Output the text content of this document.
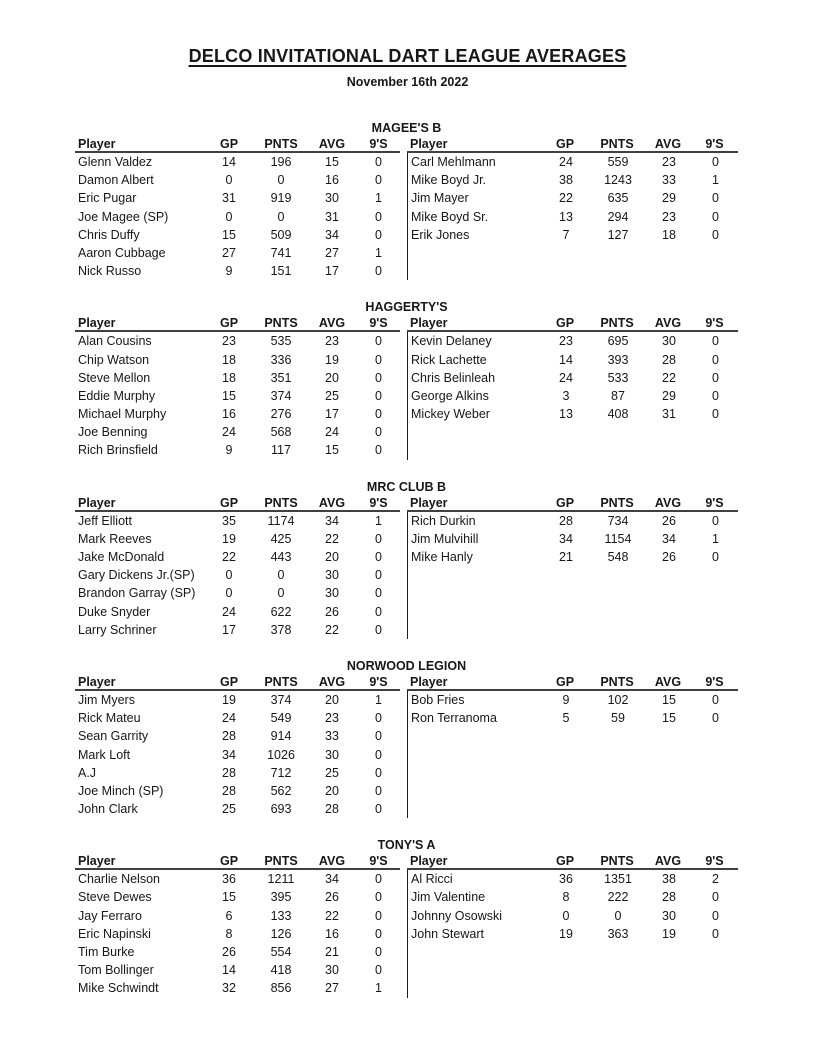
DELCO INVITATIONAL DART LEAGUE AVERAGES
November 16th 2022
MAGEE'S B
Player	GP	PNTS	AVG	9'S
Glenn Valdez	14	196	15	0
Damon Albert	0	0	16	0
Eric Pugar	31	919	30	1
Joe Magee (SP)	0	0	31	0
Chris Duffy	15	509	34	0
Aaron Cubbage	27	741	27	1
Nick Russo	9	151	17	0
Player	GP	PNTS	AVG	9'S
Carl Mehlmann	24	559	23	0
Mike Boyd Jr.	38	1243	33	1
Jim Mayer	22	635	29	0
Mike Boyd Sr.	13	294	23	0
Erik Jones	7	127	18	0
HAGGERTY'S
Player	GP	PNTS	AVG	9'S
Alan Cousins	23	535	23	0
Chip Watson	18	336	19	0
Steve Mellon	18	351	20	0
Eddie Murphy	15	374	25	0
Michael Murphy	16	276	17	0
Joe Benning	24	568	24	0
Rich Brinsfield	9	117	15	0
Player	GP	PNTS	AVG	9'S
Kevin Delaney	23	695	30	0
Rick Lachette	14	393	28	0
Chris Belinleah	24	533	22	0
George Alkins	3	87	29	0
Mickey Weber	13	408	31	0
MRC CLUB B
Player	GP	PNTS	AVG	9'S
Jeff Elliott	35	1174	34	1
Mark Reeves	19	425	22	0
Jake McDonald	22	443	20	0
Gary Dickens Jr.(SP)	0	0	30	0
Brandon Garray (SP)	0	0	30	0
Duke Snyder	24	622	26	0
Larry Schriner	17	378	22	0
Player	GP	PNTS	AVG	9'S
Rich Durkin	28	734	26	0
Jim Mulvihill	34	1154	34	1
Mike Hanly	21	548	26	0
NORWOOD LEGION
Player	GP	PNTS	AVG	9'S
Jim Myers	19	374	20	1
Rick Mateu	24	549	23	0
Sean Garrity	28	914	33	0
Mark Loft	34	1026	30	0
A.J	28	712	25	0
Joe Minch (SP)	28	562	20	0
John Clark	25	693	28	0
Player	GP	PNTS	AVG	9'S
Bob Fries	9	102	15	0
Ron Terranoma	5	59	15	0
TONY'S A
Player	GP	PNTS	AVG	9'S
Charlie Nelson	36	1211	34	0
Steve Dewes	15	395	26	0
Jay Ferraro	6	133	22	0
Eric Napinski	8	126	16	0
Tim Burke	26	554	21	0
Tom Bollinger	14	418	30	0
Mike Schwindt	32	856	27	1
Player	GP	PNTS	AVG	9'S
Al Ricci	36	1351	38	2
Jim Valentine	8	222	28	0
Johnny Osowski	0	0	30	0
John Stewart	19	363	19	0
